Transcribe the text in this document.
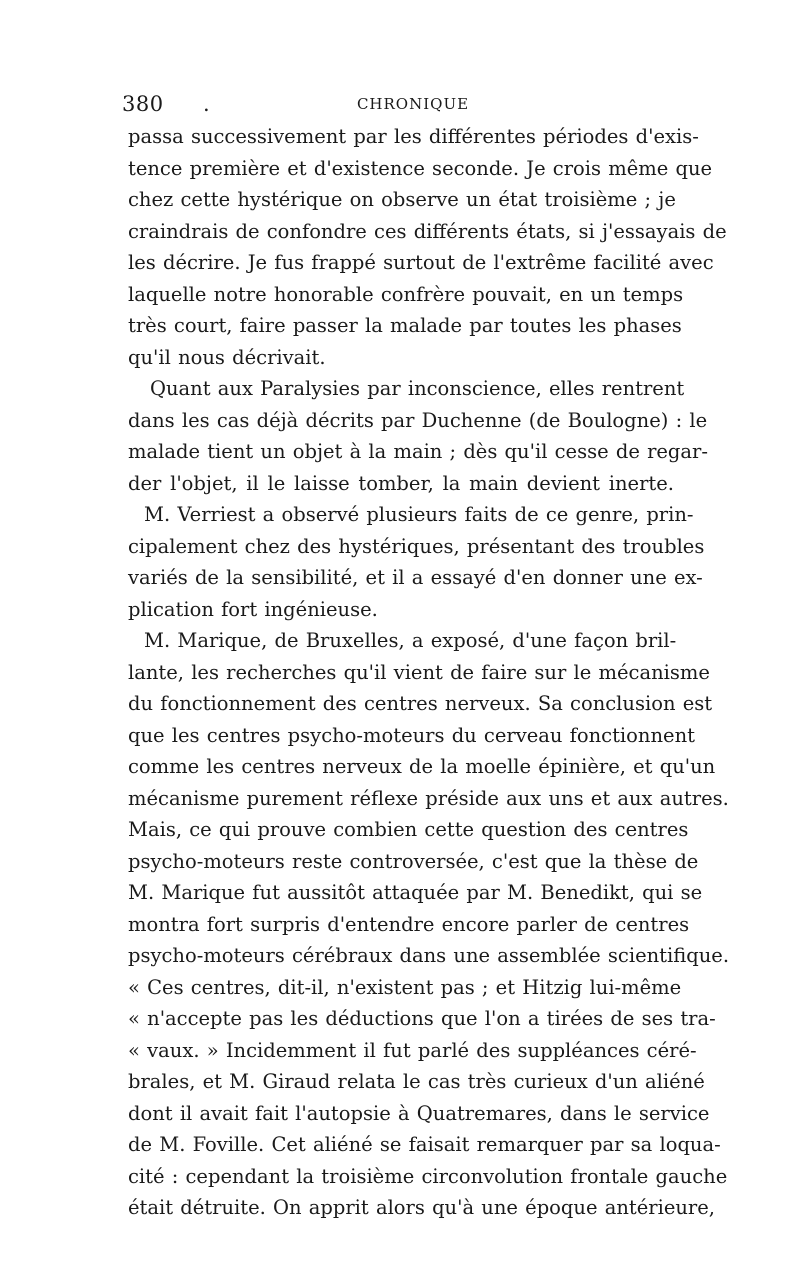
380 .	CHRONIQUE
passa successivement par les différentes périodes d'exis-
tence première et d'existence seconde. Je crois même que
chez cette hystérique on observe un état troisième ; je
craindrais de confondre ces différents états, si j'essayais de
les décrire. Je fus frappé surtout de l'extrême facilité avec
laquelle notre honorable confrère pouvait, en un temps
très court, faire passer la malade par toutes les phases
qu'il nous décrivait.
Quant aux Paralysies par inconscience, elles rentrent
dans les cas déjà décrits par Duchenne (de Boulogne) : le
malade tient un objet à la main ; dès qu'il cesse de regar-
der l'objet, il le laisse tomber, la main devient inerte.
M. Verriest a observé plusieurs faits de ce genre, prin-
cipalement chez des hystériques, présentant des troubles
variés de la sensibilité, et il a essayé d'en donner une ex-
plication fort ingénieuse.
M. Marique, de Bruxelles, a exposé, d'une façon bril-
lante, les recherches qu'il vient de faire sur le mécanisme
du fonctionnement des centres nerveux. Sa conclusion est
que les centres psycho-moteurs du cerveau fonctionnent
comme les centres nerveux de la moelle épinière, et qu'un
mécanisme purement réflexe préside aux uns et aux autres.
Mais, ce qui prouve combien cette question des centres
psycho-moteurs reste controversée, c'est que la thèse de
M. Marique fut aussitôt attaquée par M. Benedikt, qui se
montra fort surpris d'entendre encore parler de centres
psycho-moteurs cérébraux dans une assemblée scientifique.
« Ces centres, dit-il, n'existent pas ; et Hitzig lui-même
« n'accepte pas les déductions que l'on a tirées de ses tra-
« vaux. » Incidemment il fut parlé des suppléances céré-
brales, et M. Giraud relata le cas très curieux d'un aliéné
dont il avait fait l'autopsie à Quatremares, dans le service
de M. Foville. Cet aliéné se faisait remarquer par sa loqua-
cité : cependant la troisième circonvolution frontale gauche
était détruite. On apprit alors qu'à une époque antérieure,
